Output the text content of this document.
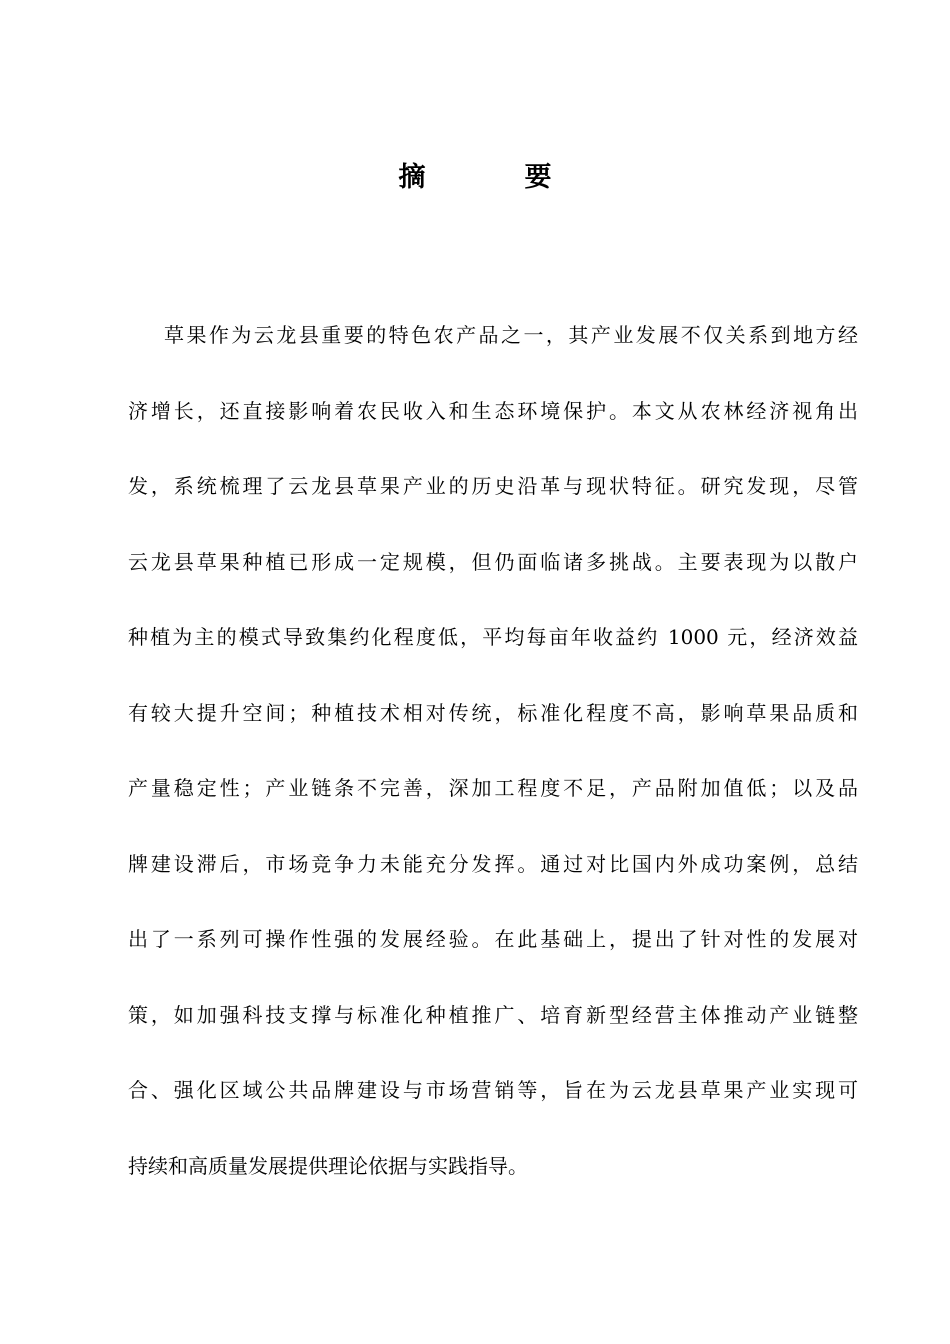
摘　要
草果作为云龙县重要的特色农产品之一，其产业发展不仅关系到地方经
济增长，还直接影响着农民收入和生态环境保护。本文从农林经济视角出
发，系统梳理了云龙县草果产业的历史沿革与现状特征。研究发现，尽管
云龙县草果种植已形成一定规模，但仍面临诸多挑战。主要表现为以散户
种植为主的模式导致集约化程度低，平均每亩年收益约 1000 元，经济效益
有较大提升空间；种植技术相对传统，标准化程度不高，影响草果品质和
产量稳定性；产业链条不完善，深加工程度不足，产品附加值低；以及品
牌建设滞后，市场竞争力未能充分发挥。通过对比国内外成功案例，总结
出了一系列可操作性强的发展经验。在此基础上，提出了针对性的发展对
策，如加强科技支撑与标准化种植推广、培育新型经营主体推动产业链整
合、强化区域公共品牌建设与市场营销等，旨在为云龙县草果产业实现可
持续和高质量发展提供理论依据与实践指导。
